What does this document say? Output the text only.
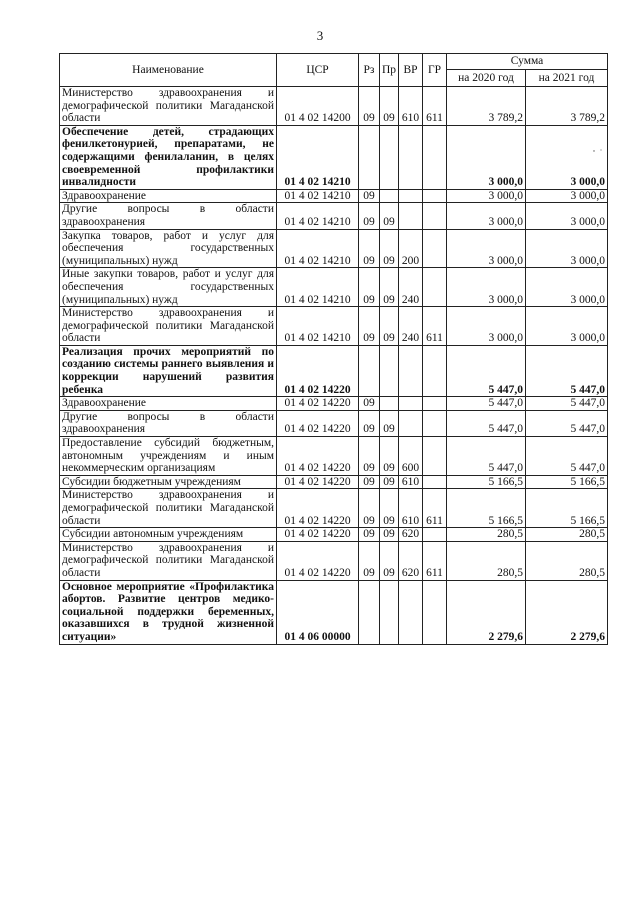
3
Наименование	ЦСР	Рз	Пр	ВР	ГР	Сумма	
						на 2020 год	на 2021 год
Министерство здравоохранения и демографической политики Магаданской области	01 4 02 14200	09	09	610	611	3 789,2	3 789,2
Обеспечение детей, страдающих фенилкетонурией, препаратами, не содержащими фенилаланин, в целях своевременной профилактики инвалидности	01 4 02 14210					3 000,0	3 000,0
Здравоохранение	01 4 02 14210	09				3 000,0	3 000,0
Другие вопросы в области здравоохранения	01 4 02 14210	09	09			3 000,0	3 000,0
Закупка товаров, работ и услуг для обеспечения государственных (муниципальных) нужд	01 4 02 14210	09	09	200		3 000,0	3 000,0
Иные закупки товаров, работ и услуг для обеспечения государственных (муниципальных) нужд	01 4 02 14210	09	09	240		3 000,0	3 000,0
Министерство здравоохранения и демографической политики Магаданской области	01 4 02 14210	09	09	240	611	3 000,0	3 000,0
Реализация прочих мероприятий по созданию системы раннего выявления и коррекции нарушений развития ребенка	01 4 02 14220					5 447,0	5 447,0
Здравоохранение	01 4 02 14220	09				5 447,0	5 447,0
Другие вопросы в области здравоохранения	01 4 02 14220	09	09			5 447,0	5 447,0
Предоставление субсидий бюджетным, автономным учреждениям и иным некоммерческим организациям	01 4 02 14220	09	09	600		5 447,0	5 447,0
Субсидии бюджетным учреждениям	01 4 02 14220	09	09	610		5 166,5	5 166,5
Министерство здравоохранения и демографической политики Магаданской области	01 4 02 14220	09	09	610	611	5 166,5	5 166,5
Субсидии автономным учреждениям	01 4 02 14220	09	09	620		280,5	280,5
Министерство здравоохранения и демографической политики Магаданской области	01 4 02 14220	09	09	620	611	280,5	280,5
Основное мероприятие «Профилактика абортов. Развитие центров медико-социальной поддержки беременных, оказавшихся в трудной жизненной ситуации»	01 4 06 00000					2 279,6	2 279,6
